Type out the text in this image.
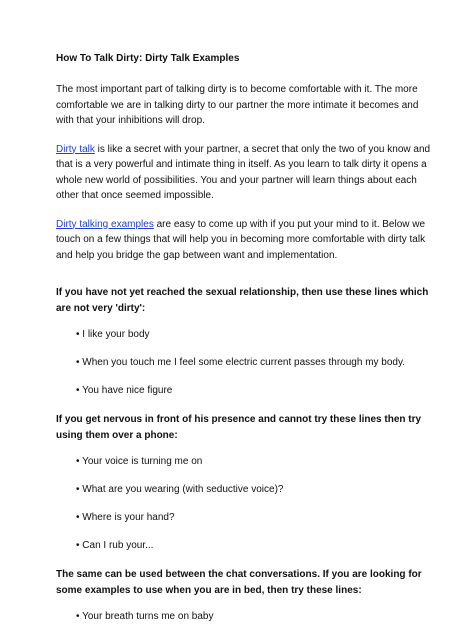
How To Talk Dirty: Dirty Talk Examples

The most important part of talking dirty is to become comfortable with it. The more comfortable we are in talking dirty to our partner the more intimate it becomes and with that your inhibitions will drop.

Dirty talk is like a secret with your partner, a secret that only the two of you know and that is a very powerful and intimate thing in itself. As you learn to talk dirty it opens a whole new world of possibilities. You and your partner will learn things about each other that once seemed impossible.

Dirty talking examples are easy to come up with if you put your mind to it. Below we touch on a few things that will help you in becoming more comfortable with dirty talk and help you bridge the gap between want and implementation.

If you have not yet reached the sexual relationship, then use these lines which are not very 'dirty':
• I like your body
• When you touch me I feel some electric current passes through my body.
• You have nice figure
If you get nervous in front of his presence and cannot try these lines then try using them over a phone:
• Your voice is turning me on
• What are you wearing (with seductive voice)?
• Where is your hand?
• Can I rub your...
The same can be used between the chat conversations. If you are looking for some examples to use when you are in bed, then try these lines:
• Your breath turns me on baby
